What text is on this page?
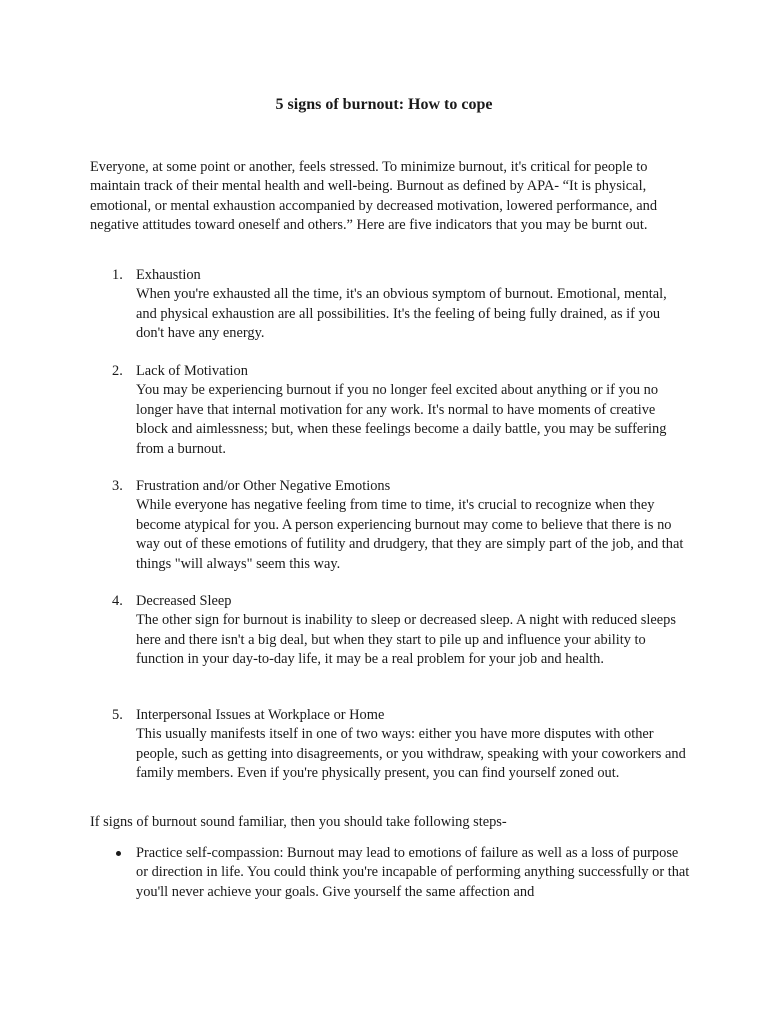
5 signs of burnout: How to cope
Everyone, at some point or another, feels stressed. To minimize burnout, it's critical for people to maintain track of their mental health and well-being. Burnout as defined by APA- “It is physical, emotional, or mental exhaustion accompanied by decreased motivation, lowered performance, and negative attitudes toward oneself and others.” Here are five indicators that you may be burnt out.
1. Exhaustion
When you're exhausted all the time, it's an obvious symptom of burnout. Emotional, mental, and physical exhaustion are all possibilities. It's the feeling of being fully drained, as if you don't have any energy.
2. Lack of Motivation
You may be experiencing burnout if you no longer feel excited about anything or if you no longer have that internal motivation for any work. It's normal to have moments of creative block and aimlessness; but, when these feelings become a daily battle, you may be suffering from a burnout.
3. Frustration and/or Other Negative Emotions
While everyone has negative feeling from time to time, it's crucial to recognize when they become atypical for you. A person experiencing burnout may come to believe that there is no way out of these emotions of futility and drudgery, that they are simply part of the job, and that things "will always" seem this way.
4. Decreased Sleep
The other sign for burnout is inability to sleep or decreased sleep. A night with reduced sleeps here and there isn't a big deal, but when they start to pile up and influence your ability to function in your day-to-day life, it may be a real problem for your job and health.
5. Interpersonal Issues at Workplace or Home
This usually manifests itself in one of two ways: either you have more disputes with other people, such as getting into disagreements, or you withdraw, speaking with your coworkers and family members. Even if you're physically present, you can find yourself zoned out.
If signs of burnout sound familiar, then you should take following steps-
Practice self-compassion: Burnout may lead to emotions of failure as well as a loss of purpose or direction in life. You could think you're incapable of performing anything successfully or that you'll never achieve your goals. Give yourself the same affection and
